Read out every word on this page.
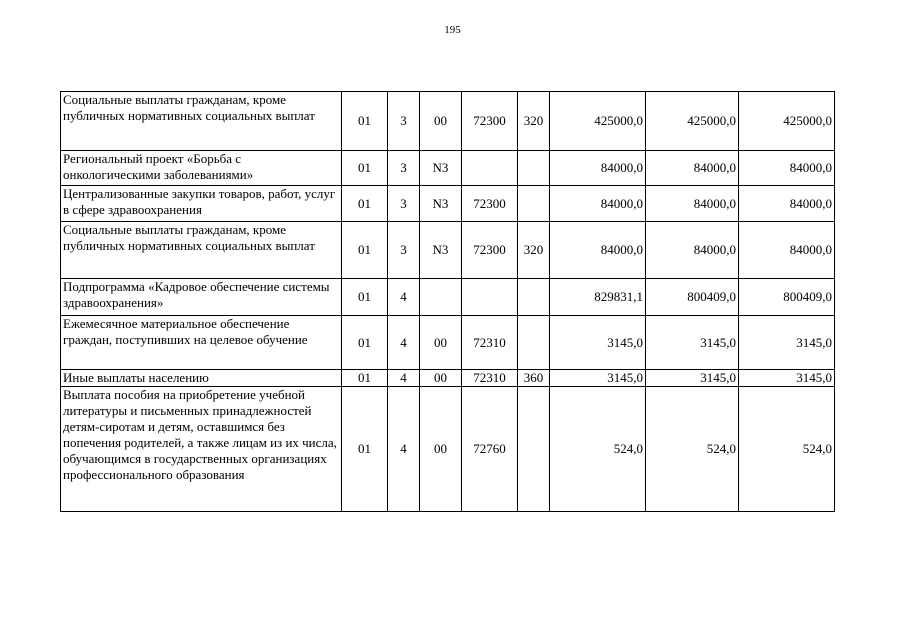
195
Социальные выплаты гражданам, кроме публичных нормативных социальных выплат	01	3	00	72300	320	425000,0	425000,0	425000,0
Региональный проект «Борьба с онкологическими заболеваниями»	01	3	N3			84000,0	84000,0	84000,0
Централизованные закупки товаров, работ, услуг в сфере здравоохранения	01	3	N3	72300		84000,0	84000,0	84000,0
Социальные выплаты гражданам, кроме публичных нормативных социальных выплат	01	3	N3	72300	320	84000,0	84000,0	84000,0
Подпрограмма «Кадровое обеспечение системы здравоохранения»	01	4				829831,1	800409,0	800409,0
Ежемесячное материальное обеспечение граждан, поступивших на целевое обучение	01	4	00	72310		3145,0	3145,0	3145,0
Иные выплаты населению	01	4	00	72310	360	3145,0	3145,0	3145,0
Выплата пособия на приобретение учебной литературы и письменных принадлежностей детям-сиротам и детям, оставшимся без попечения родителей, а также лицам из их числа, обучающимся в государственных организациях профессионального образования	01	4	00	72760		524,0	524,0	524,0
